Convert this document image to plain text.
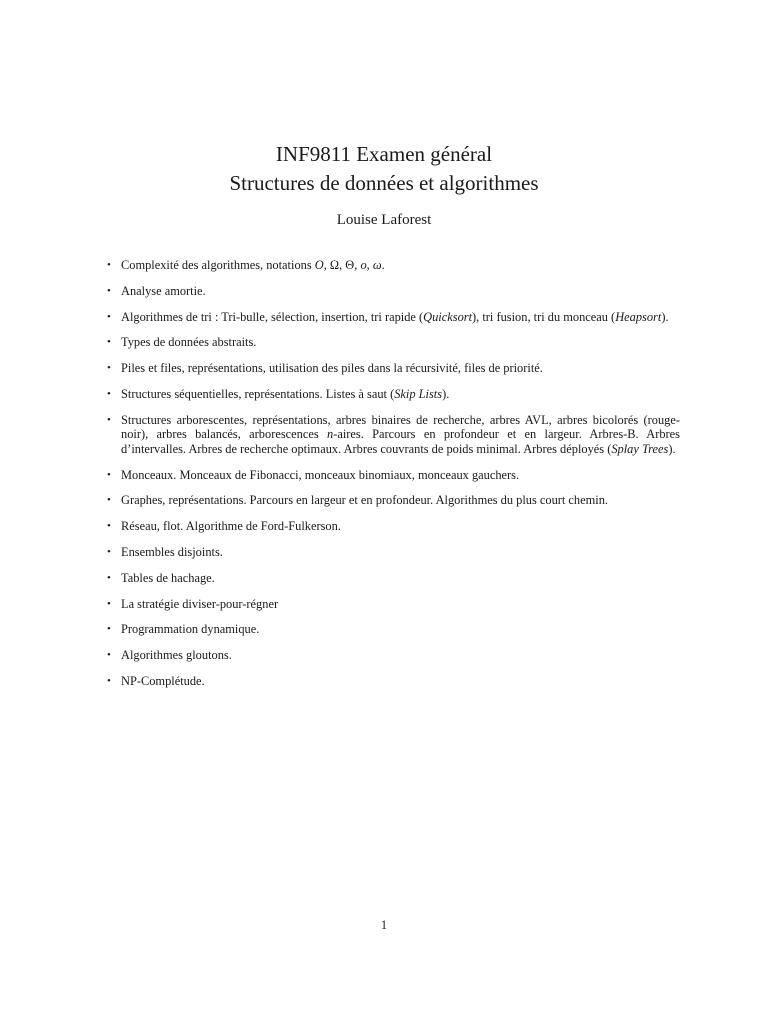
INF9811 Examen général
Structures de données et algorithmes
Louise Laforest
• Complexité des algorithmes, notations O, Ω, Θ, o, ω.
• Analyse amortie.
• Algorithmes de tri : Tri-bulle, sélection, insertion, tri rapide (Quicksort), tri fusion, tri du monceau (Heapsort).
• Types de données abstraits.
• Piles et files, représentations, utilisation des piles dans la récursivité, files de priorité.
• Structures séquentielles, représentations. Listes à saut (Skip Lists).
• Structures arborescentes, représentations, arbres binaires de recherche, arbres AVL, arbres bicolorés (rouge-noir), arbres balancés, arborescences n-aires. Parcours en profondeur et en largeur. Arbres-B. Arbres d’intervalles. Arbres de recherche optimaux. Arbres couvrants de poids minimal. Arbres déployés (Splay Trees).
• Monceaux. Monceaux de Fibonacci, monceaux binomiaux, monceaux gauchers.
• Graphes, représentations. Parcours en largeur et en profondeur. Algorithmes du plus court chemin.
• Réseau, flot. Algorithme de Ford-Fulkerson.
• Ensembles disjoints.
• Tables de hachage.
• La stratégie diviser-pour-régner
• Programmation dynamique.
• Algorithmes gloutons.
• NP-Complétude.
1
